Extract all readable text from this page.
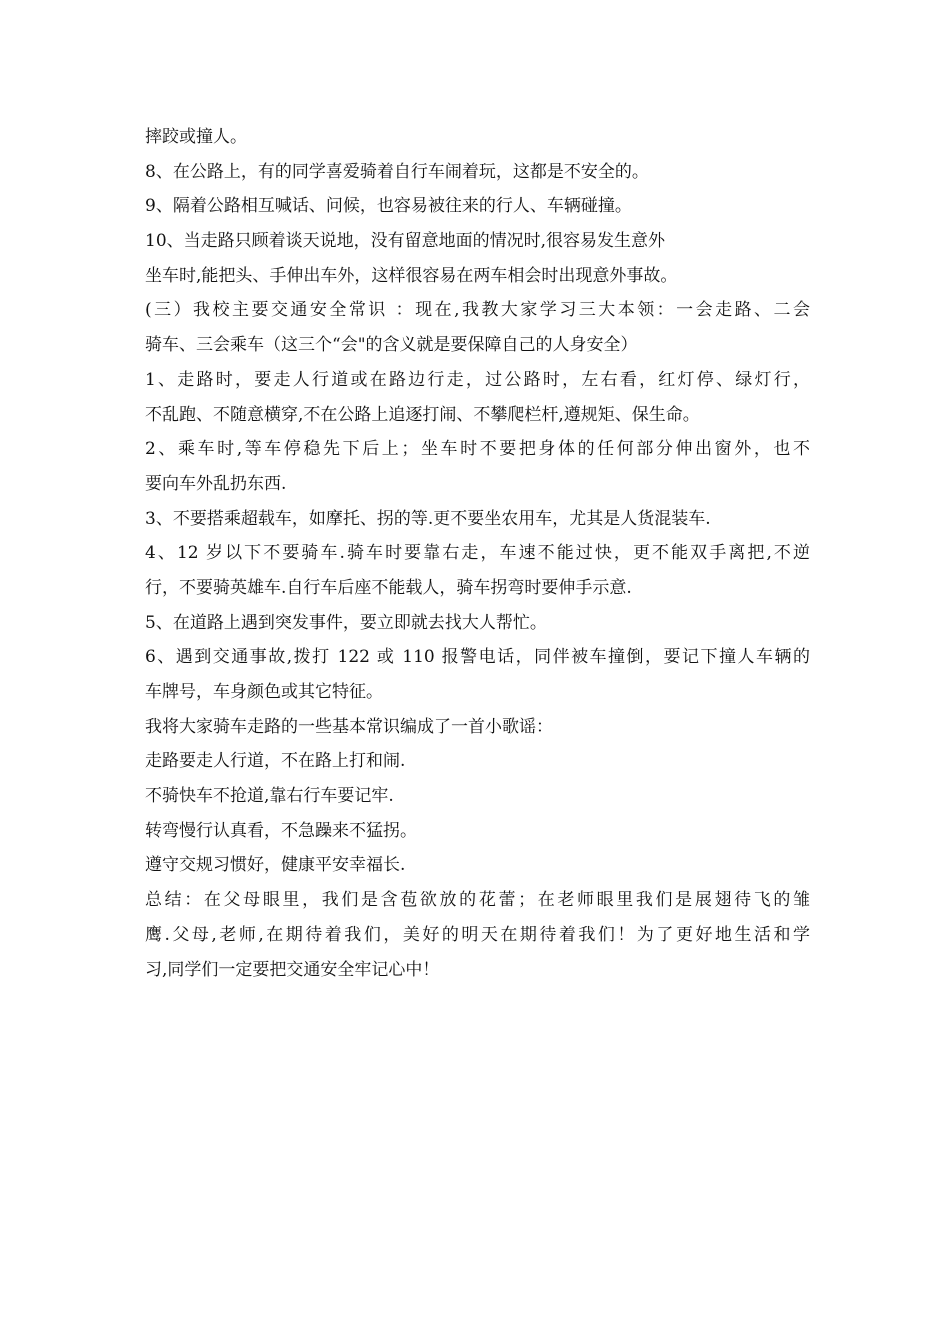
摔跤或撞人。
8、在公路上，有的同学喜爱骑着自行车闹着玩，这都是不安全的。
9、隔着公路相互喊话、问候，也容易被往来的行人、车辆碰撞。
10、当走路只顾着谈天说地，没有留意地面的情况时,很容易发生意外
坐车时,能把头、手伸出车外，这样很容易在两车相会时出现意外事故。
(三）我校主要交通安全常识 ：现在,我教大家学习三大本领：一会走路、二会
骑车、三会乘车（这三个“会"的含义就是要保障自己的人身安全）
1、走路时，要走人行道或在路边行走，过公路时，左右看，红灯停、绿灯行，
不乱跑、不随意横穿,不在公路上追逐打闹、不攀爬栏杆,遵规矩、保生命。
2、乘车时,等车停稳先下后上；坐车时不要把身体的任何部分伸出窗外，也不
要向车外乱扔东西.
3、不要搭乘超载车，如摩托、拐的等.更不要坐农用车，尤其是人货混装车.
4、12 岁以下不要骑车.骑车时要靠右走，车速不能过快，更不能双手离把,不逆
行，不要骑英雄车.自行车后座不能载人，骑车拐弯时要伸手示意.
5、在道路上遇到突发事件，要立即就去找大人帮忙。
6、遇到交通事故,拨打 122 或 110 报警电话，同伴被车撞倒，要记下撞人车辆的
车牌号，车身颜色或其它特征。
我将大家骑车走路的一些基本常识编成了一首小歌谣：
走路要走人行道，不在路上打和闹.
不骑快车不抢道,靠右行车要记牢.
转弯慢行认真看，不急躁来不猛拐。
遵守交规习惯好，健康平安幸福长.
总结：在父母眼里，我们是含苞欲放的花蕾；在老师眼里我们是展翅待飞的雏
鹰.父母,老师,在期待着我们，美好的明天在期待着我们！为了更好地生活和学
习,同学们一定要把交通安全牢记心中！
